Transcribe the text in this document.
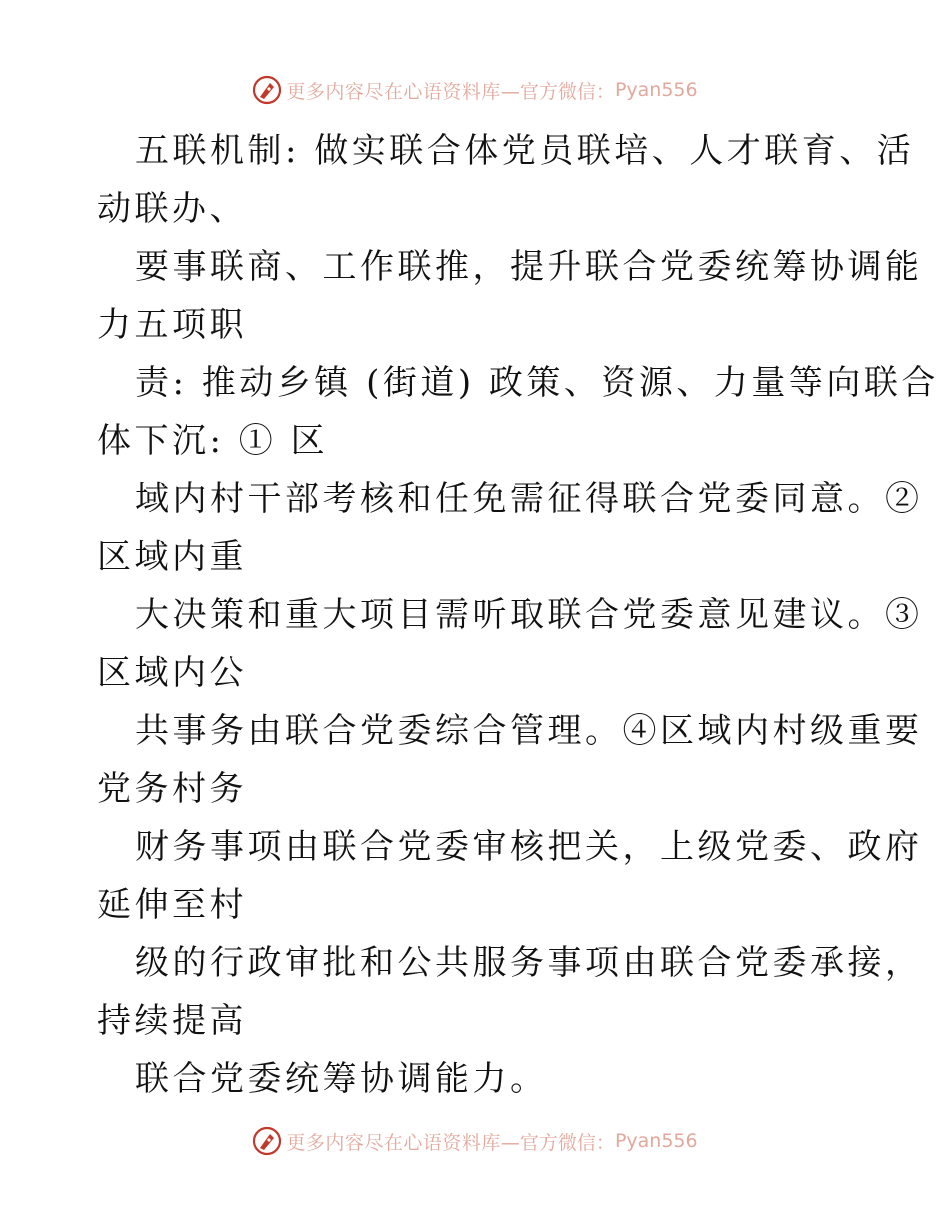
更多内容尽在心语资料库 —官方微信： Pyan556
五联机制: 做实联合体党员联培、人才联育、活
动联办、
要事联商、工作联推，提升联合党委统筹协调能
力五项职
责: 推动乡镇 (街道) 政策、资源、力量等向联合
体下沉: ① 区
域内村干部考核和任免需征得联合党委同意。②
区域内重
大决策和重大项目需听取联合党委意见建议。③
区域内公
共事务由联合党委综合管理。④区域内村级重要
党务村务
财务事项由联合党委审核把关，上级党委、政府
延伸至村
级的行政审批和公共服务事项由联合党委承接，
持续提高
联合党委统筹协调能力。
更多内容尽在心语资料库 —官方微信： Pyan556
